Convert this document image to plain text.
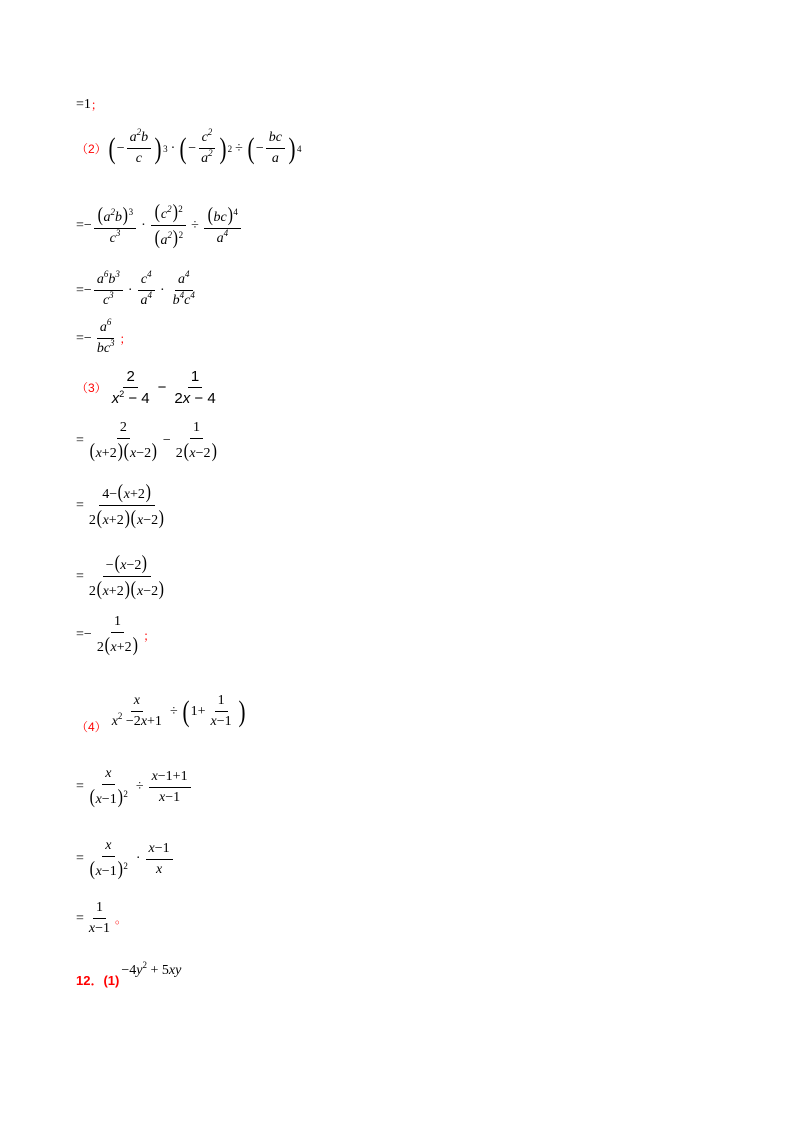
= 1 ；
（2） ( − $\frac{a^2b}{c}$ ) 3 · ( − $\frac{c^2}{a^2}$ ) 2 ÷ ( − $\frac{bc}{a}$ ) 4
= − $\frac{(a^2b)^3}{c^3} \cdot \frac{(c^2)^2}{(a^2)^2} \div \frac{(bc)^4}{a^4}$
= − $\frac{a^6b^3}{c^3} \cdot \frac{c^4}{a^4} \cdot \frac{a^4}{b^4c^4}$
= − $\frac{a^6}{bc^3}$ ；
$(3) \frac{2}{x^2 - 4} - \frac{1}{2x - 4}$
= $\frac{2}{(x+2)(x-2)} - \frac{1}{2(x-2)}$
= $\frac{4-(x+2)}{2(x+2)(x-2)}$
= $\frac{-(x-2)}{2(x+2)(x-2)}$
= − $\frac{1}{2(x+2)}$ ；
$(4) \frac{x}{x^2 -2x+1}$ ÷ ( $1+ \frac{1}{x-1}$ )
= $\frac{x}{(x-1)^2} \div \frac{x-1+1}{x-1}$
= $\frac{x}{(x-1)^2} \cdot \frac{x-1}{x}$
= $\frac{1}{x-1}$ 。
12．(1)
$-4y^2 + 5xy$
